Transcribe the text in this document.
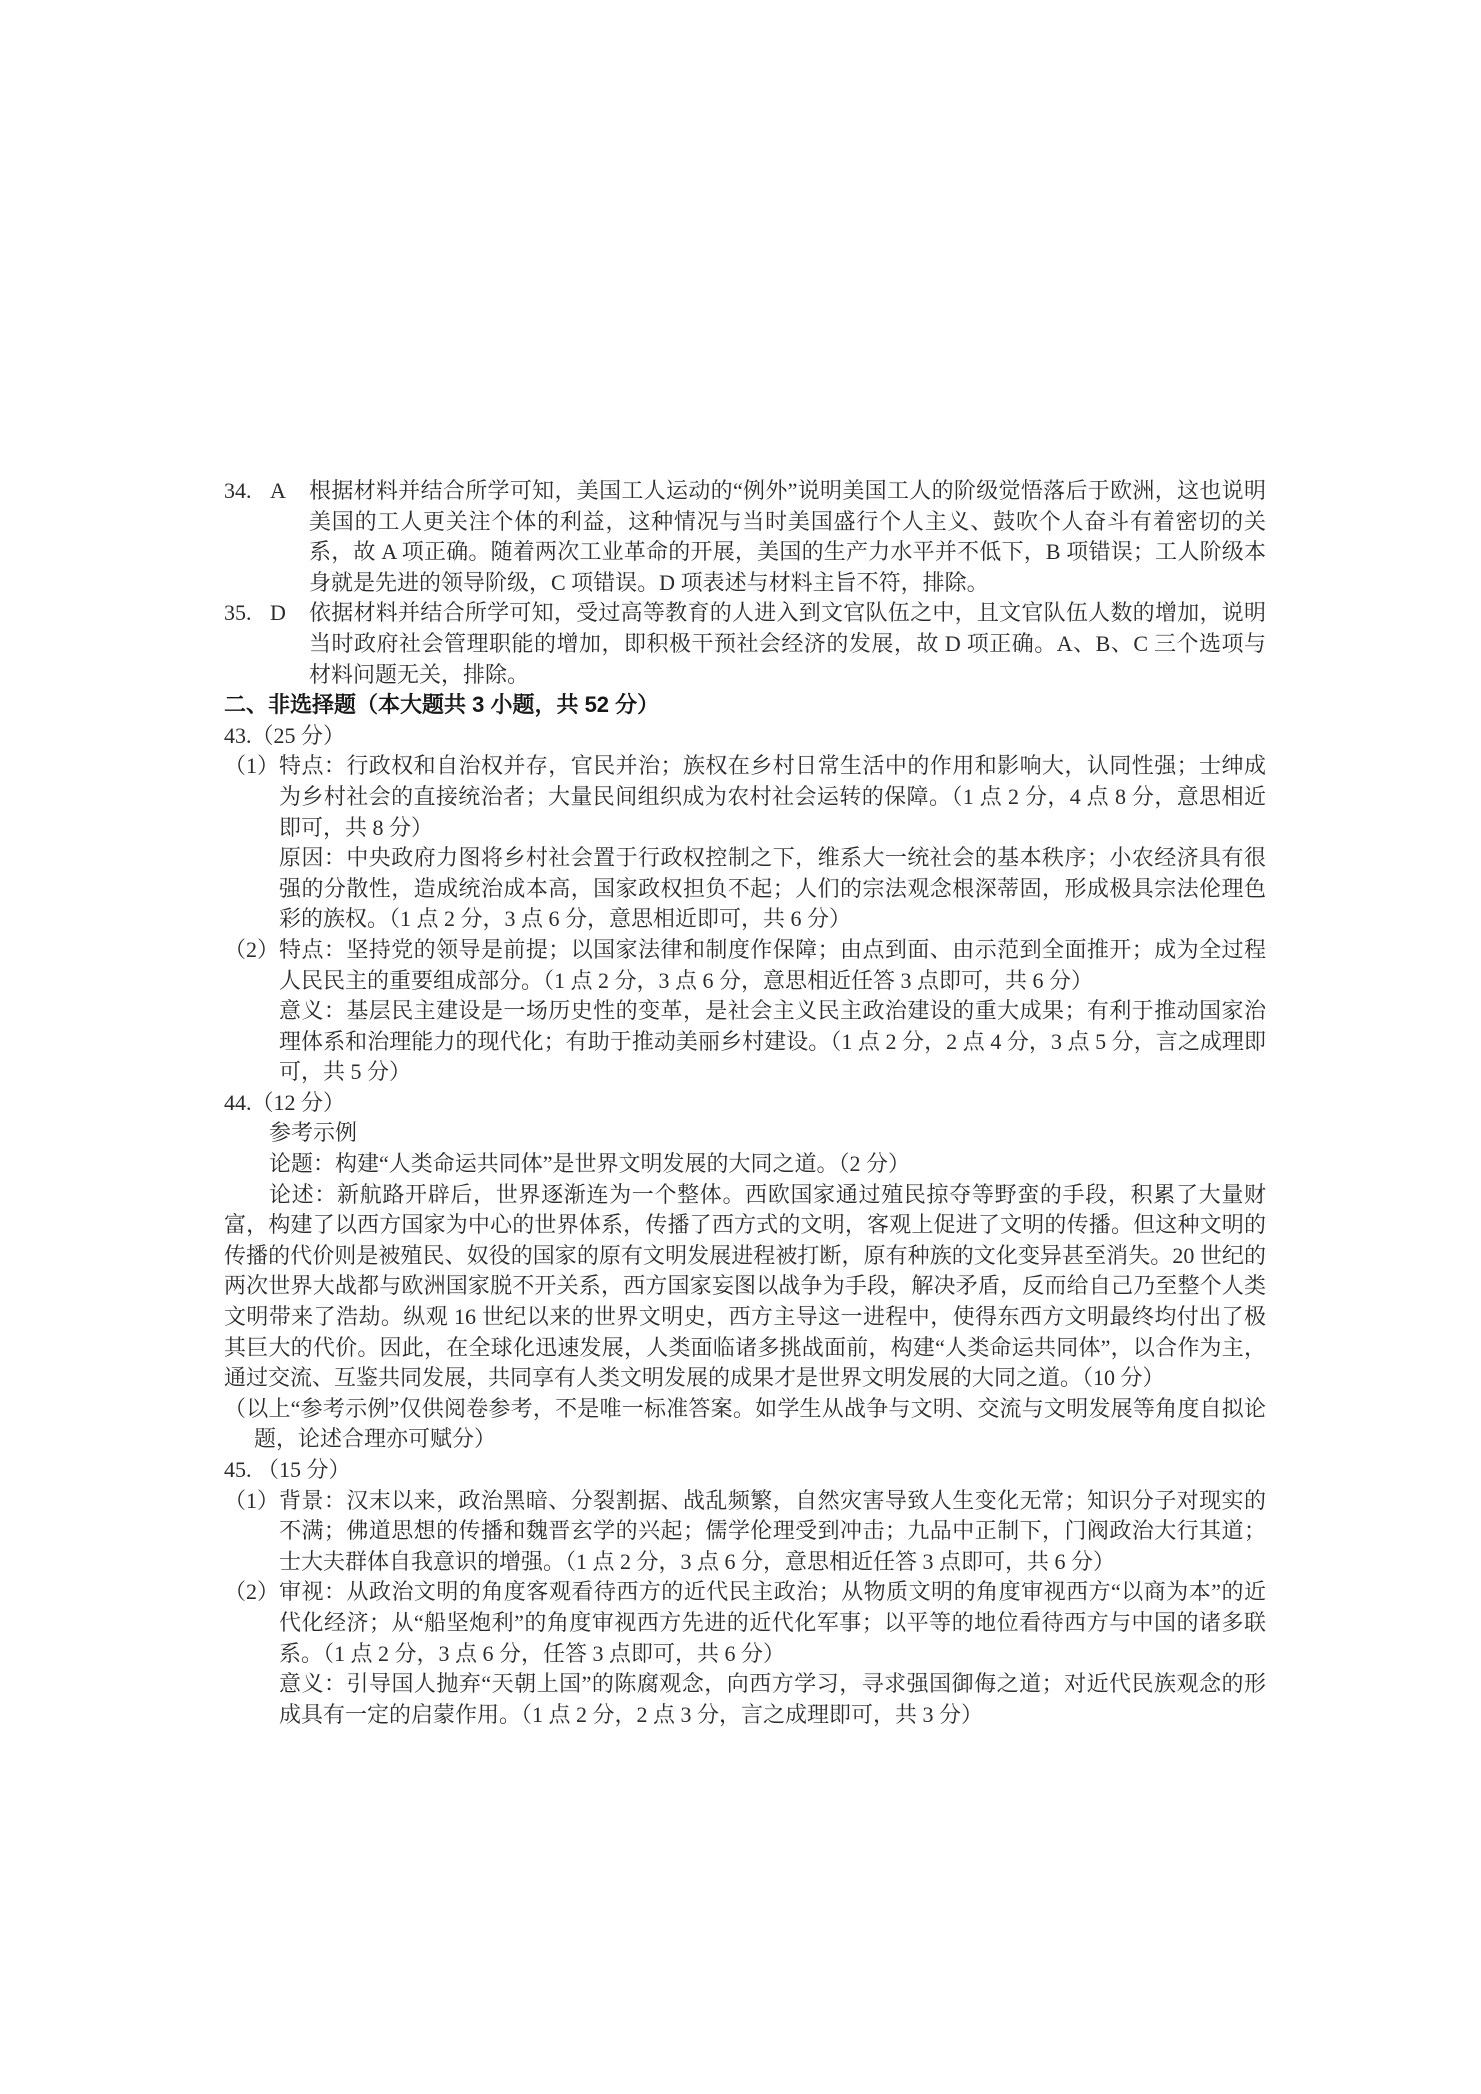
34. A 根据材料并结合所学可知，美国工人运动的“例外”说明美国工人的阶级觉悟落后于欧洲，这也说明美国的工人更关注个体的利益，这种情况与当时美国盛行个人主义、鼓吹个人奋斗有着密切的关系，故 A 项正确。随着两次工业革命的开展，美国的生产力水平并不低下，B 项错误；工人阶级本身就是先进的领导阶级，C 项错误。D 项表述与材料主旨不符，排除。

35. D 依据材料并结合所学可知，受过高等教育的人进入到文官队伍之中，且文官队伍人数的增加，说明当时政府社会管理职能的增加，即积极干预社会经济的发展，故 D 项正确。A、B、C 三个选项与材料问题无关，排除。

二、非选择题（本大题共 3 小题，共 52 分）
43.（25 分）
（1） 特点：行政权和自治权并存，官民并治；族权在乡村日常生活中的作用和影响大，认同性强；士绅成为乡村社会的直接统治者；大量民间组织成为农村社会运转的保障。（1 点 2 分，4 点 8 分，意思相近即可，共 8 分）

原因：中央政府力图将乡村社会置于行政权控制之下，维系大一统社会的基本秩序；小农经济具有很强的分散性，造成统治成本高，国家政权担负不起；人们的宗法观念根深蒂固，形成极具宗法伦理色彩的族权。（1 点 2 分，3 点 6 分，意思相近即可，共 6 分）

（2） 特点：坚持党的领导是前提；以国家法律和制度作保障；由点到面、由示范到全面推开；成为全过程人民民主的重要组成部分。（1 点 2 分，3 点 6 分，意思相近任答 3 点即可，共 6 分）

意义：基层民主建设是一场历史性的变革，是社会主义民主政治建设的重大成果；有利于推动国家治理体系和治理能力的现代化；有助于推动美丽乡村建设。（1 点 2 分，2 点 4 分，3 点 5 分，言之成理即可，共 5 分）

44.（12 分）
参考示例
论题：构建“人类命运共同体”是世界文明发展的大同之道。（2 分）

论述：新航路开辟后，世界逐渐连为一个整体。西欧国家通过殖民掠夺等野蛮的手段，积累了大量财富，构建了以西方国家为中心的世界体系，传播了西方式的文明，客观上促进了文明的传播。但这种文明的传播的代价则是被殖民、奴役的国家的原有文明发展进程被打断，原有种族的文化变异甚至消失。20 世纪的两次世界大战都与欧洲国家脱不开关系，西方国家妄图以战争为手段，解决矛盾，反而给自己乃至整个人类文明带来了浩劫。纵观 16 世纪以来的世界文明史，西方主导这一进程中，使得东西方文明最终均付出了极其巨大的代价。因此，在全球化迅速发展，人类面临诸多挑战面前，构建“人类命运共同体”，以合作为主，通过交流、互鉴共同发展，共同享有人类文明发展的成果才是世界文明发展的大同之道。（10 分）

（以上“参考示例”仅供阅卷参考，不是唯一标准答案。如学生从战争与文明、交流与文明发展等角度自拟论题，论述合理亦可赋分）

45. （15 分）
（1） 背景：汉末以来，政治黑暗、分裂割据、战乱频繁，自然灾害导致人生变化无常；知识分子对现实的不满；佛道思想的传播和魏晋玄学的兴起；儒学伦理受到冲击；九品中正制下，门阀政治大行其道；士大夫群体自我意识的增强。（1 点 2 分，3 点 6 分，意思相近任答 3 点即可，共 6 分）

（2） 审视：从政治文明的角度客观看待西方的近代民主政治；从物质文明的角度审视西方“以商为本”的近代化经济；从“船坚炮利”的角度审视西方先进的近代化军事；以平等的地位看待西方与中国的诸多联系。（1 点 2 分，3 点 6 分，任答 3 点即可，共 6 分）

意义：引导国人抛弃“天朝上国”的陈腐观念，向西方学习，寻求强国御侮之道；对近代民族观念的形成具有一定的启蒙作用。（1 点 2 分，2 点 3 分，言之成理即可，共 3 分）
